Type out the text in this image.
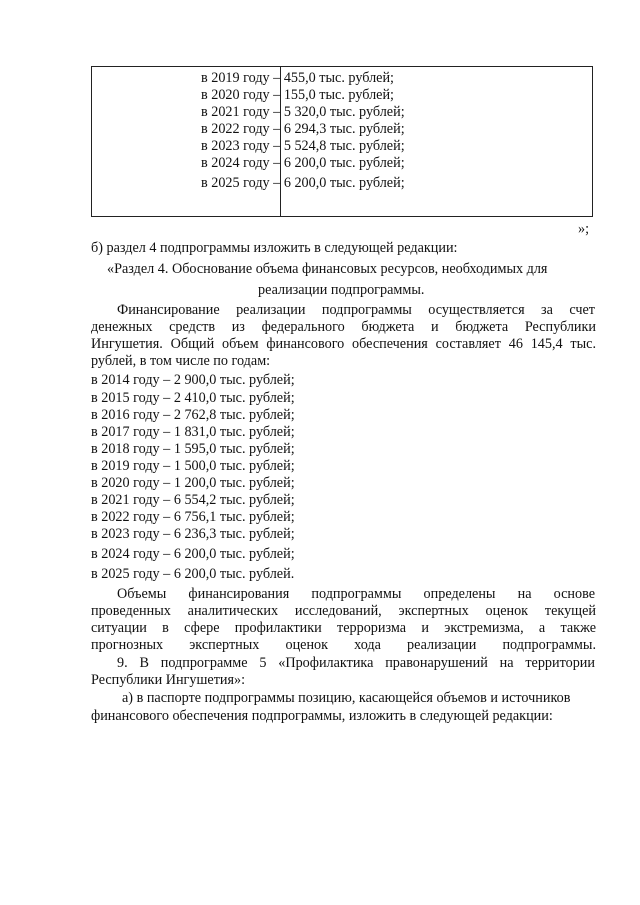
в 2019 году – 455,0 тыс. рублей;
в 2020 году – 155,0 тыс. рублей;
в 2021 году – 5 320,0 тыс. рублей;
в 2022 году – 6 294,3 тыс. рублей;
в 2023 году – 5 524,8 тыс. рублей;
в 2024 году – 6 200,0 тыс. рублей;
в 2025 году – 6 200,0 тыс. рублей;
»;
б) раздел 4 подпрограммы изложить в следующей редакции:
«Раздел 4. Обоснование объема финансовых ресурсов, необходимых для
реализации подпрограммы.
Финансирование реализации подпрограммы осуществляется за счет
денежных средств из федерального бюджета и бюджета Республики
Ингушетия. Общий объем финансового обеспечения составляет 46 145,4 тыс.
рублей, в том числе по годам:
в 2014 году – 2 900,0 тыс. рублей;
в 2015 году – 2 410,0 тыс. рублей;
в 2016 году – 2 762,8 тыс. рублей;
в 2017 году – 1 831,0 тыс. рублей;
в 2018 году – 1 595,0 тыс. рублей;
в 2019 году – 1 500,0 тыс. рублей;
в 2020 году – 1 200,0 тыс. рублей;
в 2021 году – 6 554,2 тыс. рублей;
в 2022 году – 6 756,1 тыс. рублей;
в 2023 году – 6 236,3 тыс. рублей;
в 2024 году – 6 200,0 тыс. рублей;
в 2025 году – 6 200,0 тыс. рублей.
Объемы финансирования подпрограммы определены на основе
проведенных аналитических исследований, экспертных оценок текущей
ситуации в сфере профилактики терроризма и экстремизма, а также
прогнозных экспертных оценок хода реализации подпрограммы.
9. В подпрограмме 5 «Профилактика правонарушений на территории
Республики Ингушетия»:
а) в паспорте подпрограммы позицию, касающейся объемов и источников
финансового обеспечения подпрограммы, изложить в следующей редакции:
